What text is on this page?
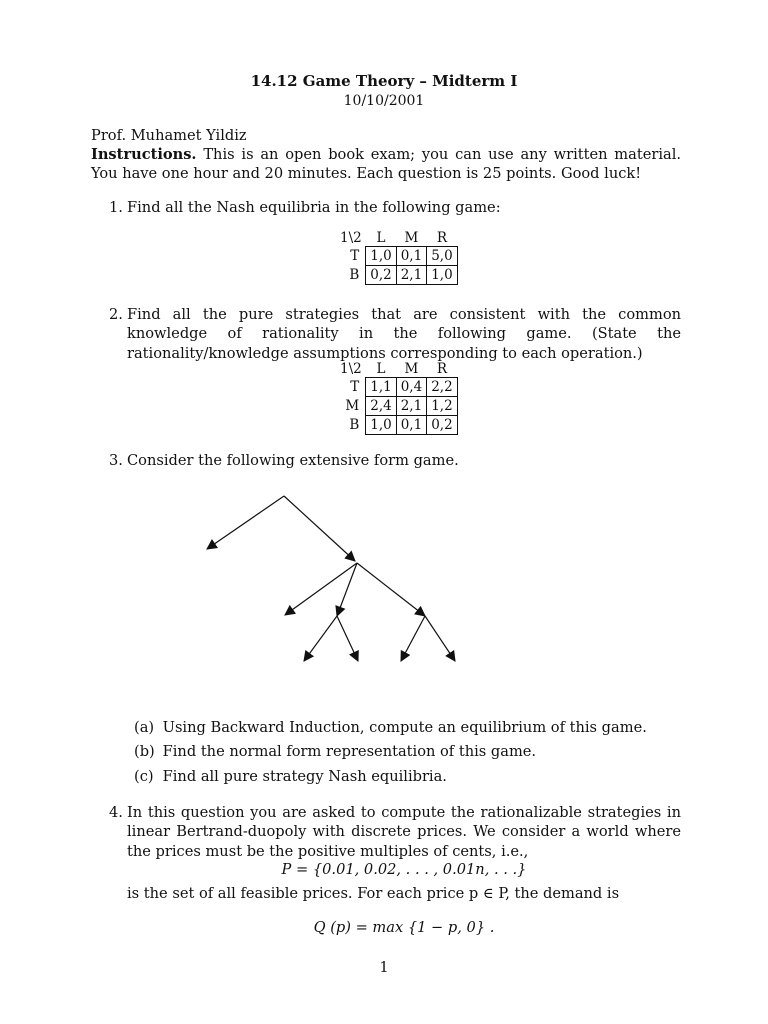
14.12 Game Theory – Midterm I
10/10/2001
Prof. Muhamet Yildiz
Instructions. This is an open book exam; you can use any written material. You have one hour and 20 minutes. Each question is 25 points. Good luck!
1. Find all the Nash equilibria in the following game:
1\2	L	M	R
T	1,0	0,1	5,0
B	0,2	2,1	1,0
2. Find all the pure strategies that are consistent with the common knowledge of rationality in the following game. (State the rationality/knowledge assumptions corresponding to each operation.)
1\2	L	M	R
T	1,1	0,4	2,2
M	2,4	2,1	1,2
B	1,0	0,1	0,2
3. Consider the following extensive form game.
(a) Using Backward Induction, compute an equilibrium of this game.
(b) Find the normal form representation of this game.
(c) Find all pure strategy Nash equilibria.
4. In this question you are asked to compute the rationalizable strategies in linear Bertrand-duopoly with discrete prices. We consider a world where the prices must be the positive multiples of cents, i.e.,
P = {0.01, 0.02, . . . , 0.01n, . . .}
is the set of all feasible prices. For each price p ∈ P, the demand is
Q (p) = max {1 − p, 0} .
1
